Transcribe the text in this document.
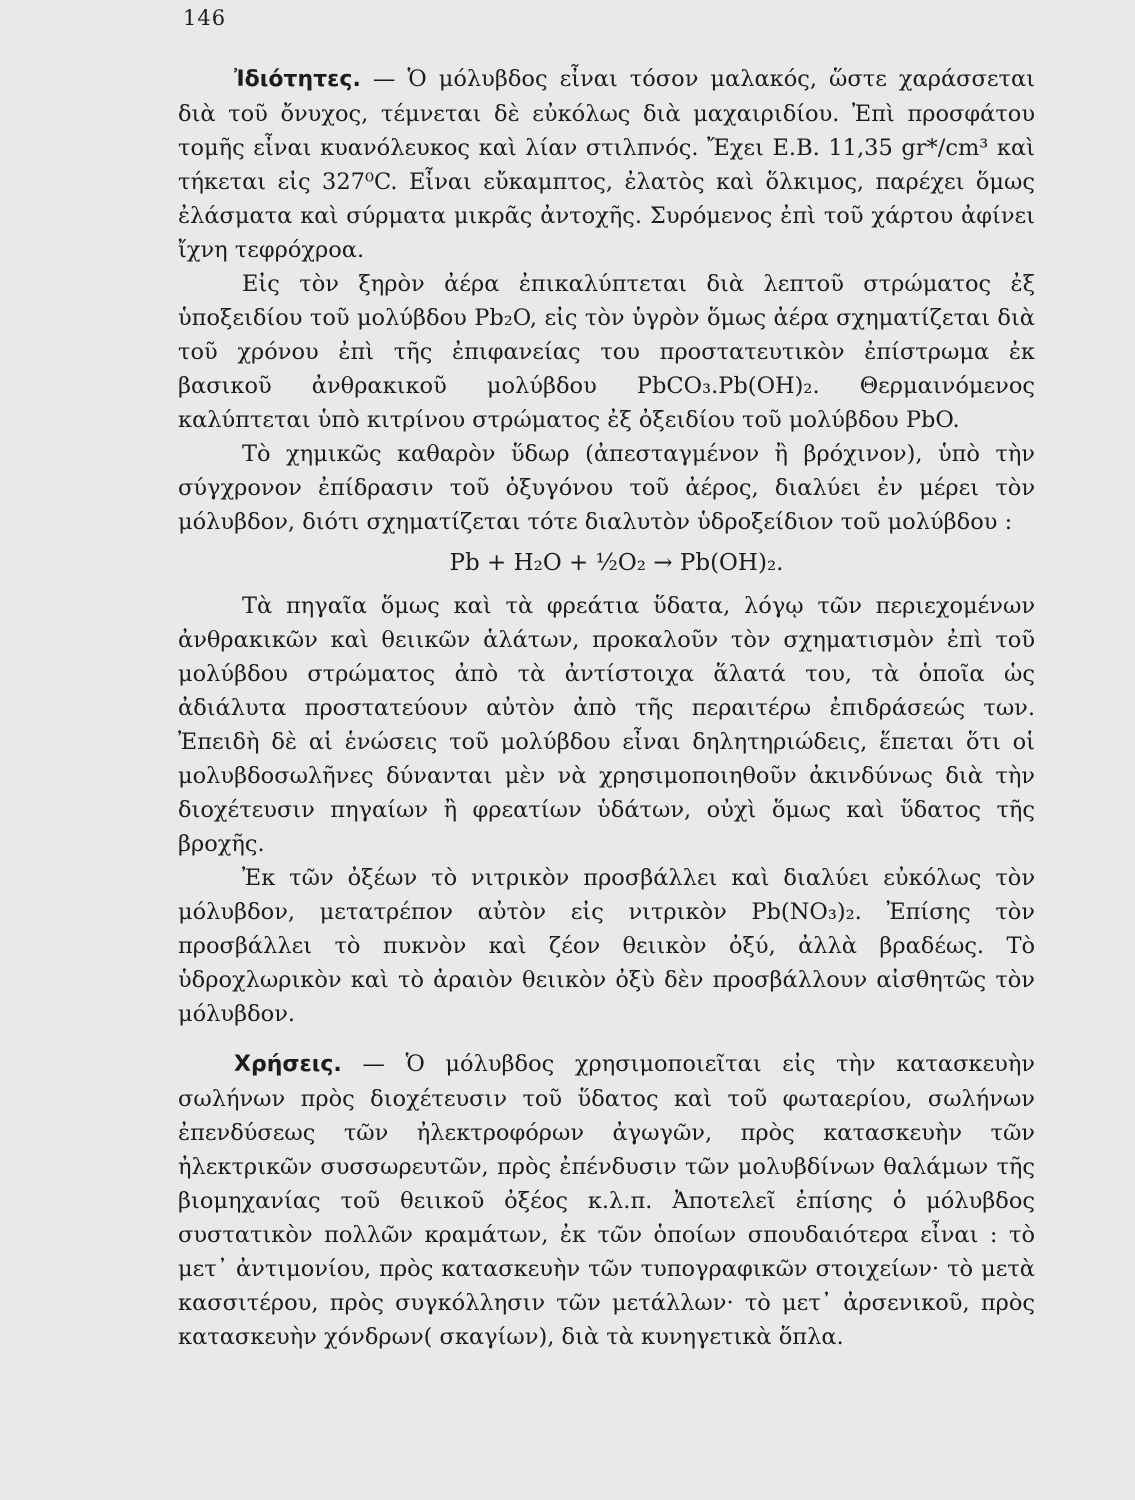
146

Ἰδιότητες. — Ὁ μόλυβδος εἶναι τόσον μαλακός, ὥστε χαράσσεται διὰ τοῦ ὄνυχος, τέμνεται δὲ εὐκόλως διὰ μαχαιριδίου. Ἐπὶ προσφάτου τομῆς εἶναι κυανόλευκος καὶ λίαν στιλπνός. Ἔχει Ε.Β. 11,35 gr*/cm³ καὶ τήκεται εἰς 327⁰C. Εἶναι εὔκαμπτος, ἐλατὸς καὶ ὅλκιμος, παρέχει ὅμως ἐλάσματα καὶ σύρματα μικρᾶς ἀντοχῆς. Συρόμενος ἐπὶ τοῦ χάρτου ἀφίνει ἴχνη τεφρόχροα.

Εἰς τὸν ξηρὸν ἀέρα ἐπικαλύπτεται διὰ λεπτοῦ στρώματος ἐξ ὑποξειδίου τοῦ μολύβδου Pb₂O, εἰς τὸν ὑγρὸν ὅμως ἀέρα σχηματίζεται διὰ τοῦ χρόνου ἐπὶ τῆς ἐπιφανείας του προστατευτικὸν ἐπίστρωμα ἐκ βασικοῦ ἀνθρακικοῦ μολύβδου PbCO₃.Pb(OH)₂. Θερμαινόμενος καλύπτεται ὑπὸ κιτρίνου στρώματος ἐξ ὀξειδίου τοῦ μολύβδου PbO.

Τὸ χημικῶς καθαρὸν ὕδωρ (ἀπεσταγμένον ἢ βρόχινον), ὑπὸ τὴν σύγχρονον ἐπίδρασιν τοῦ ὀξυγόνου τοῦ ἀέρος, διαλύει ἐν μέρει τὸν μόλυβδον, διότι σχηματίζεται τότε διαλυτὸν ὑδροξείδιον τοῦ μολύβδου :

Pb + H₂O + ½O₂ → Pb(OH)₂.

Τὰ πηγαῖα ὅμως καὶ τὰ φρεάτια ὕδατα, λόγῳ τῶν περιεχομένων ἀνθρακικῶν καὶ θειικῶν ἁλάτων, προκαλοῦν τὸν σχηματισμὸν ἐπὶ τοῦ μολύβδου στρώματος ἀπὸ τὰ ἀντίστοιχα ἅλατά του, τὰ ὁποῖα ὡς ἀδιάλυτα προστατεύουν αὐτὸν ἀπὸ τῆς περαιτέρω ἐπιδράσεώς των. Ἐπειδὴ δὲ αἱ ἑνώσεις τοῦ μολύβδου εἶναι δηλητηριώδεις, ἕπεται ὅτι οἱ μολυβδοσωλῆνες δύνανται μὲν νὰ χρησιμοποιηθοῦν ἀκινδύνως διὰ τὴν διοχέτευσιν πηγαίων ἢ φρεατίων ὑδάτων, οὐχὶ ὅμως καὶ ὕδατος τῆς βροχῆς.

Ἐκ τῶν ὀξέων τὸ νιτρικὸν προσβάλλει καὶ διαλύει εὐκόλως τὸν μόλυβδον, μετατρέπον αὐτὸν εἰς νιτρικὸν Pb(NO₃)₂. Ἐπίσης τὸν προσβάλλει τὸ πυκνὸν καὶ ζέον θειικὸν ὀξύ, ἀλλὰ βραδέως. Τὸ ὑδροχλωρικὸν καὶ τὸ ἀραιὸν θειικὸν ὀξὺ δὲν προσβάλλουν αἰσθητῶς τὸν μόλυβδον.

Χρήσεις. — Ὁ μόλυβδος χρησιμοποιεῖται εἰς τὴν κατασκευὴν σωλήνων πρὸς διοχέτευσιν τοῦ ὕδατος καὶ τοῦ φωταερίου, σωλήνων ἐπενδύσεως τῶν ἠλεκτροφόρων ἀγωγῶν, πρὸς κατασκευὴν τῶν ἠλεκτρικῶν συσσωρευτῶν, πρὸς ἐπένδυσιν τῶν μολυβδίνων θαλάμων τῆς βιομηχανίας τοῦ θειικοῦ ὀξέος κ.λ.π. Ἀποτελεῖ ἐπίσης ὁ μόλυβδος συστατικὸν πολλῶν κραμάτων, ἐκ τῶν ὁποίων σπουδαιότερα εἶναι : τὸ μετ᾽ ἀντιμονίου, πρὸς κατασκευὴν τῶν τυπογραφικῶν στοιχείων· τὸ μετὰ κασσιτέρου, πρὸς συγκόλλησιν τῶν μετάλλων· τὸ μετ᾽ ἀρσενικοῦ, πρὸς κατασκευὴν χόνδρων( σκαγίων), διὰ τὰ κυνηγετικὰ ὅπλα.
